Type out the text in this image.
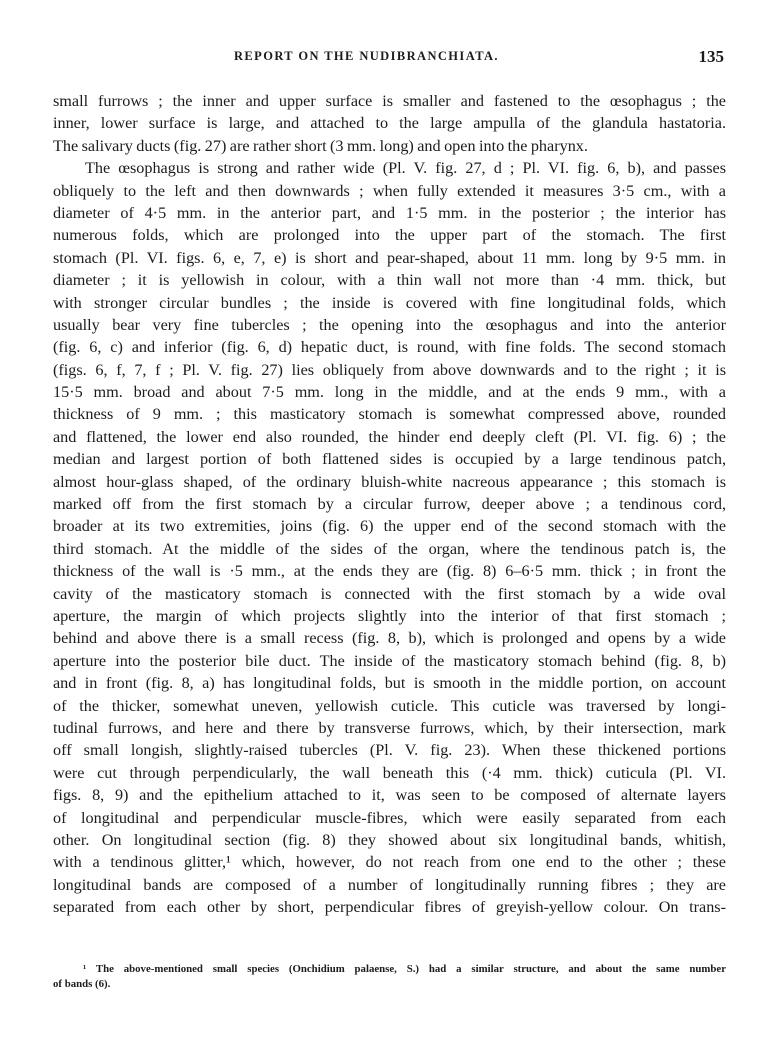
REPORT ON THE NUDIBRANCHIATA.	135
small furrows ; the inner and upper surface is smaller and fastened to the œsophagus ; the
inner, lower surface is large, and attached to the large ampulla of the glandula hastatoria.
The salivary ducts (fig. 27) are rather short (3 mm. long) and open into the pharynx.
The œsophagus is strong and rather wide (Pl. V. fig. 27, d ; Pl. VI. fig. 6, b), and passes
obliquely to the left and then downwards ; when fully extended it measures 3·5 cm., with a
diameter of 4·5 mm. in the anterior part, and 1·5 mm. in the posterior ; the interior has
numerous folds, which are prolonged into the upper part of the stomach. The first
stomach (Pl. VI. figs. 6, e, 7, e) is short and pear-shaped, about 11 mm. long by 9·5 mm. in
diameter ; it is yellowish in colour, with a thin wall not more than ·4 mm. thick, but
with stronger circular bundles ; the inside is covered with fine longitudinal folds, which
usually bear very fine tubercles ; the opening into the œsophagus and into the anterior
(fig. 6, c) and inferior (fig. 6, d) hepatic duct, is round, with fine folds. The second stomach
(figs. 6, f, 7, f ; Pl. V. fig. 27) lies obliquely from above downwards and to the right ; it is
15·5 mm. broad and about 7·5 mm. long in the middle, and at the ends 9 mm., with a
thickness of 9 mm. ; this masticatory stomach is somewhat compressed above, rounded
and flattened, the lower end also rounded, the hinder end deeply cleft (Pl. VI. fig. 6) ; the
median and largest portion of both flattened sides is occupied by a large tendinous patch,
almost hour-glass shaped, of the ordinary bluish-white nacreous appearance ; this stomach is
marked off from the first stomach by a circular furrow, deeper above ; a tendinous cord,
broader at its two extremities, joins (fig. 6) the upper end of the second stomach with the
third stomach. At the middle of the sides of the organ, where the tendinous patch is, the
thickness of the wall is ·5 mm., at the ends they are (fig. 8) 6–6·5 mm. thick ; in front the
cavity of the masticatory stomach is connected with the first stomach by a wide oval
aperture, the margin of which projects slightly into the interior of that first stomach ;
behind and above there is a small recess (fig. 8, b), which is prolonged and opens by a wide
aperture into the posterior bile duct. The inside of the masticatory stomach behind (fig. 8, b)
and in front (fig. 8, a) has longitudinal folds, but is smooth in the middle portion, on account
of the thicker, somewhat uneven, yellowish cuticle. This cuticle was traversed by longi-
tudinal furrows, and here and there by transverse furrows, which, by their intersection, mark
off small longish, slightly-raised tubercles (Pl. V. fig. 23). When these thickened portions
were cut through perpendicularly, the wall beneath this (·4 mm. thick) cuticula (Pl. VI.
figs. 8, 9) and the epithelium attached to it, was seen to be composed of alternate layers
of longitudinal and perpendicular muscle-fibres, which were easily separated from each
other. On longitudinal section (fig. 8) they showed about six longitudinal bands, whitish,
with a tendinous glitter,¹ which, however, do not reach from one end to the other ; these
longitudinal bands are composed of a number of longitudinally running fibres ; they are
separated from each other by short, perpendicular fibres of greyish-yellow colour. On trans-
¹ The above-mentioned small species (Onchidium palaense, S.) had a similar structure, and about the same number
of bands (6).
